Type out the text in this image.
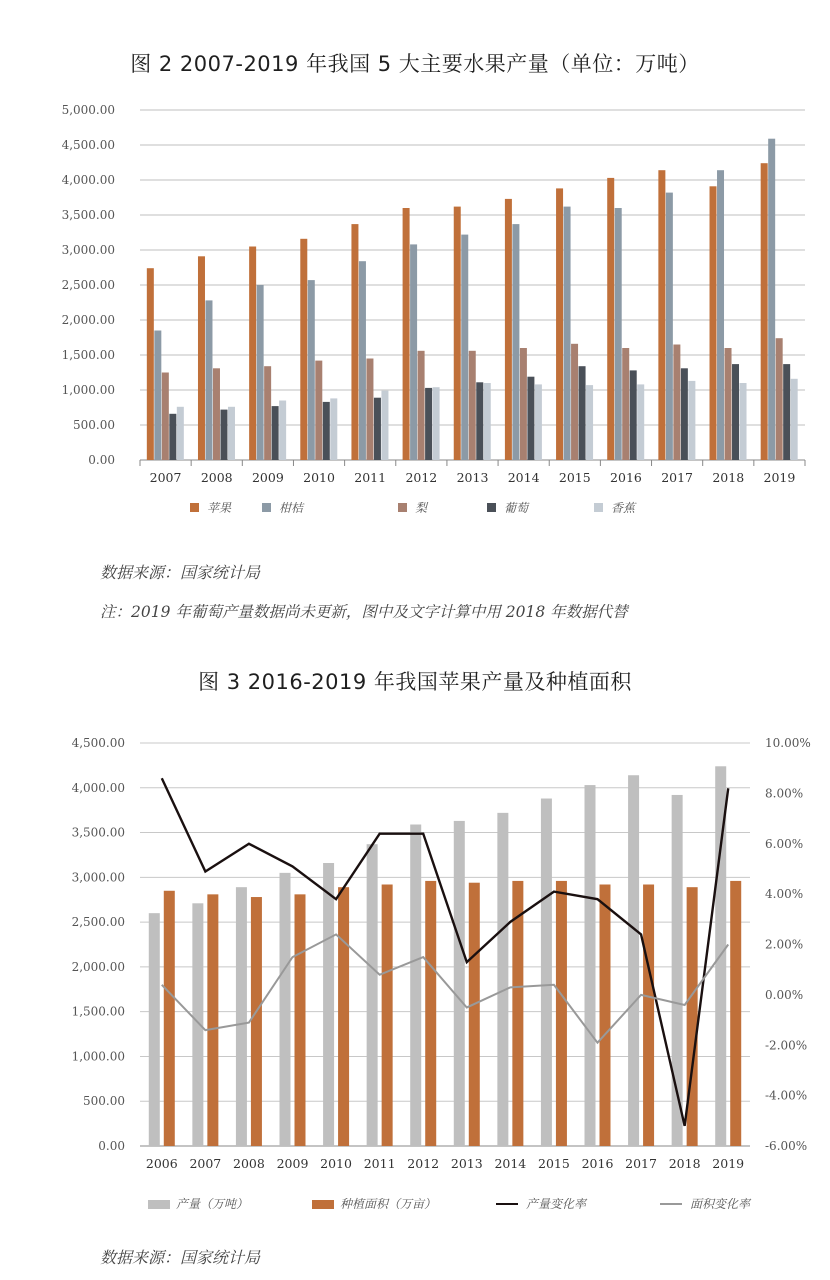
图 2 2007-2019 年我国 5 大主要水果产量（单位：万吨）
0.00
500.00
1,000.00
1,500.00
2,000.00
2,500.00
3,000.00
3,500.00
4,000.00
4,500.00
5,000.00
2007 2008 2009 2010 2011 2012 2013 2014 2015 2016 2017 2018 2019
苹果	柑桔	梨	葡萄	香蕉
数据来源：国家统计局
注：2019 年葡萄产量数据尚未更新，图中及文字计算中用 2018 年数据代替
图 3 2016-2019 年我国苹果产量及种植面积
0.00
500.00
1,000.00
1,500.00
2,000.00
2,500.00
3,000.00
3,500.00
4,000.00
4,500.00
-6.00%
-4.00%
-2.00%
0.00%
2.00%
4.00%
6.00%
8.00%
10.00%
2006 2007 2008 2009 2010 2011 2012 2013 2014 2015 2016 2017 2018 2019
产量（万吨）	种植面积（万亩）	产量变化率	面积变化率
数据来源：国家统计局
